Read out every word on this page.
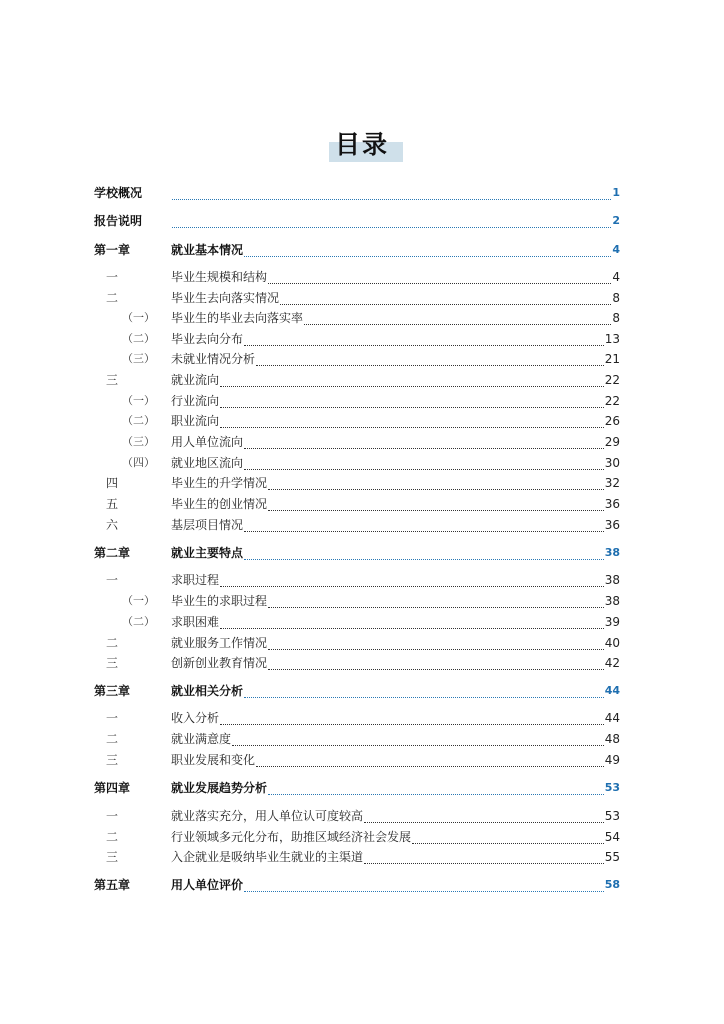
目录
学校概况	1
报告说明	2
第一章	就业基本情况	4
一	毕业生规模和结构	4
二	毕业生去向落实情况	8
（一） 毕业生的毕业去向落实率	8
（二） 毕业去向分布	13
（三） 未就业情况分析	21
三	就业流向	22
（一） 行业流向	22
（二） 职业流向	26
（三） 用人单位流向	29
（四） 就业地区流向	30
四	毕业生的升学情况	32
五	毕业生的创业情况	36
六	基层项目情况	36
第二章	就业主要特点	38
一	求职过程	38
（一） 毕业生的求职过程	38
（二） 求职困难	39
二	就业服务工作情况	40
三	创新创业教育情况	42
第三章	就业相关分析	44
一	收入分析	44
二	就业满意度	48
三	职业发展和变化	49
第四章	就业发展趋势分析	53
一	就业落实充分，用人单位认可度较高	53
二	行业领域多元化分布，助推区域经济社会发展	54
三	入企就业是吸纳毕业生就业的主渠道	55
第五章	用人单位评价	58
